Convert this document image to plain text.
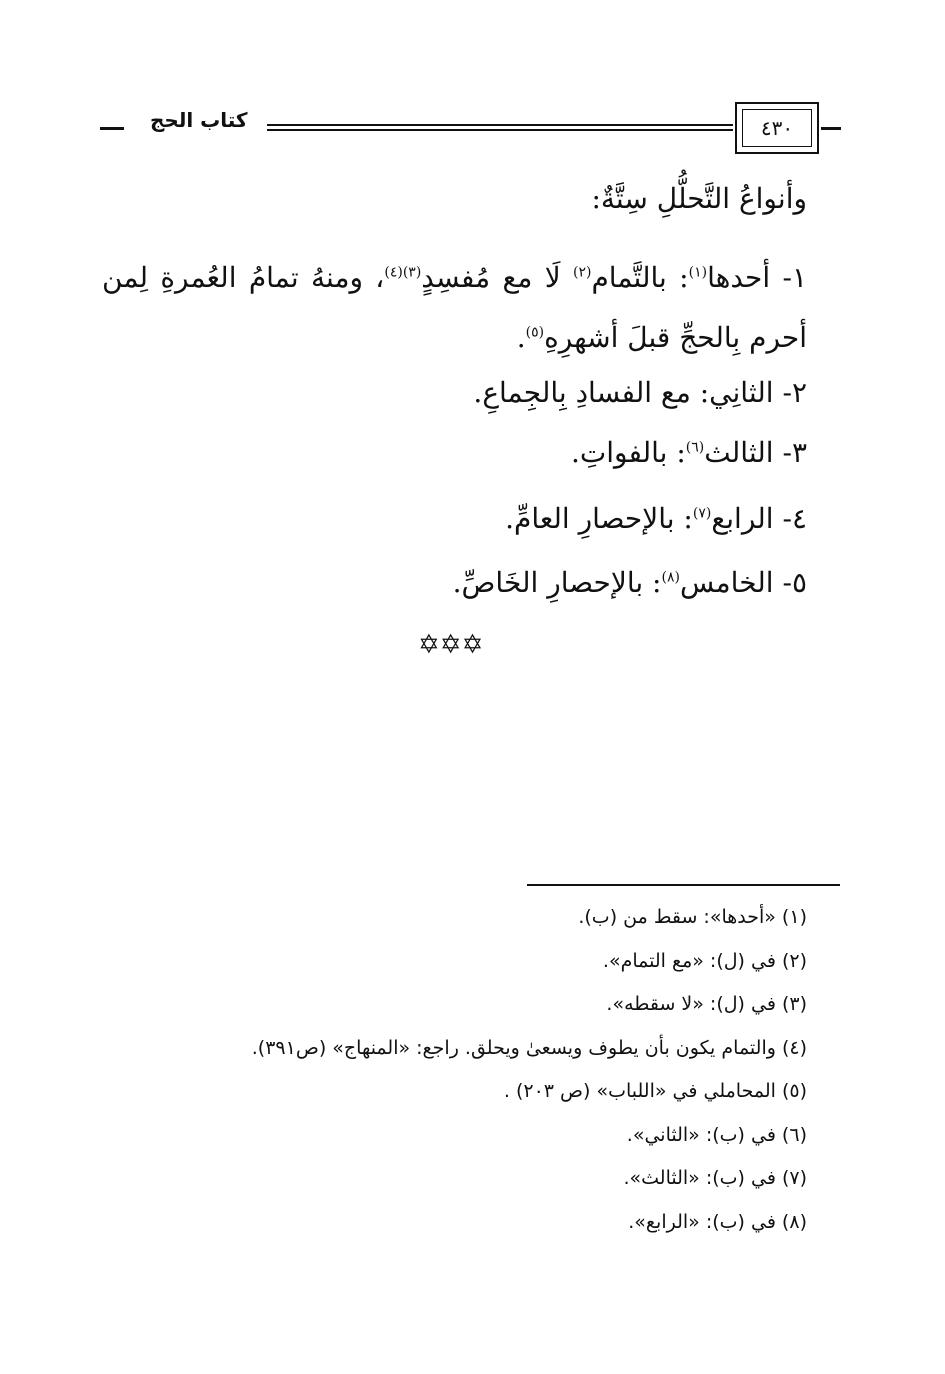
كتاب الحج	٤٣٠
وأنواعُ التَّحلُّلِ سِتَّةٌ:
١- أحدها$^{(١)}$: بالتَّمام$^{(٢)}$ لَا مع مُفسِدٍ$^{(٣)(٤)}$، ومنهُ تمامُ العُمرةِ لِمن أحرم بِالحجِّ قبلَ أشهرِهِ$^{(٥)}$.
٢- الثانِي: مع الفسادِ بِالجِماعِ.
٣- الثالث$^{(٦)}$: بالفواتِ.
٤- الرابع$^{(٧)}$: بالإحصارِ العامِّ.
٥- الخامس$^{(٨)}$: بالإحصارِ الخَاصِّ.
✡✡✡
(١) «أحدها»: سقط من (ب).
(٢) في (ل): «مع التمام».
(٣) في (ل): «لا سقطه».
(٤) والتمام يكون بأن يطوف ويسعىٰ ويحلق. راجع: «المنهاج» (ص٣٩١).
(٥) المحاملي في «اللباب» (ص ٢٠٣) .
(٦) في (ب): «الثاني».
(٧) في (ب): «الثالث».
(٨) في (ب): «الرابع».
